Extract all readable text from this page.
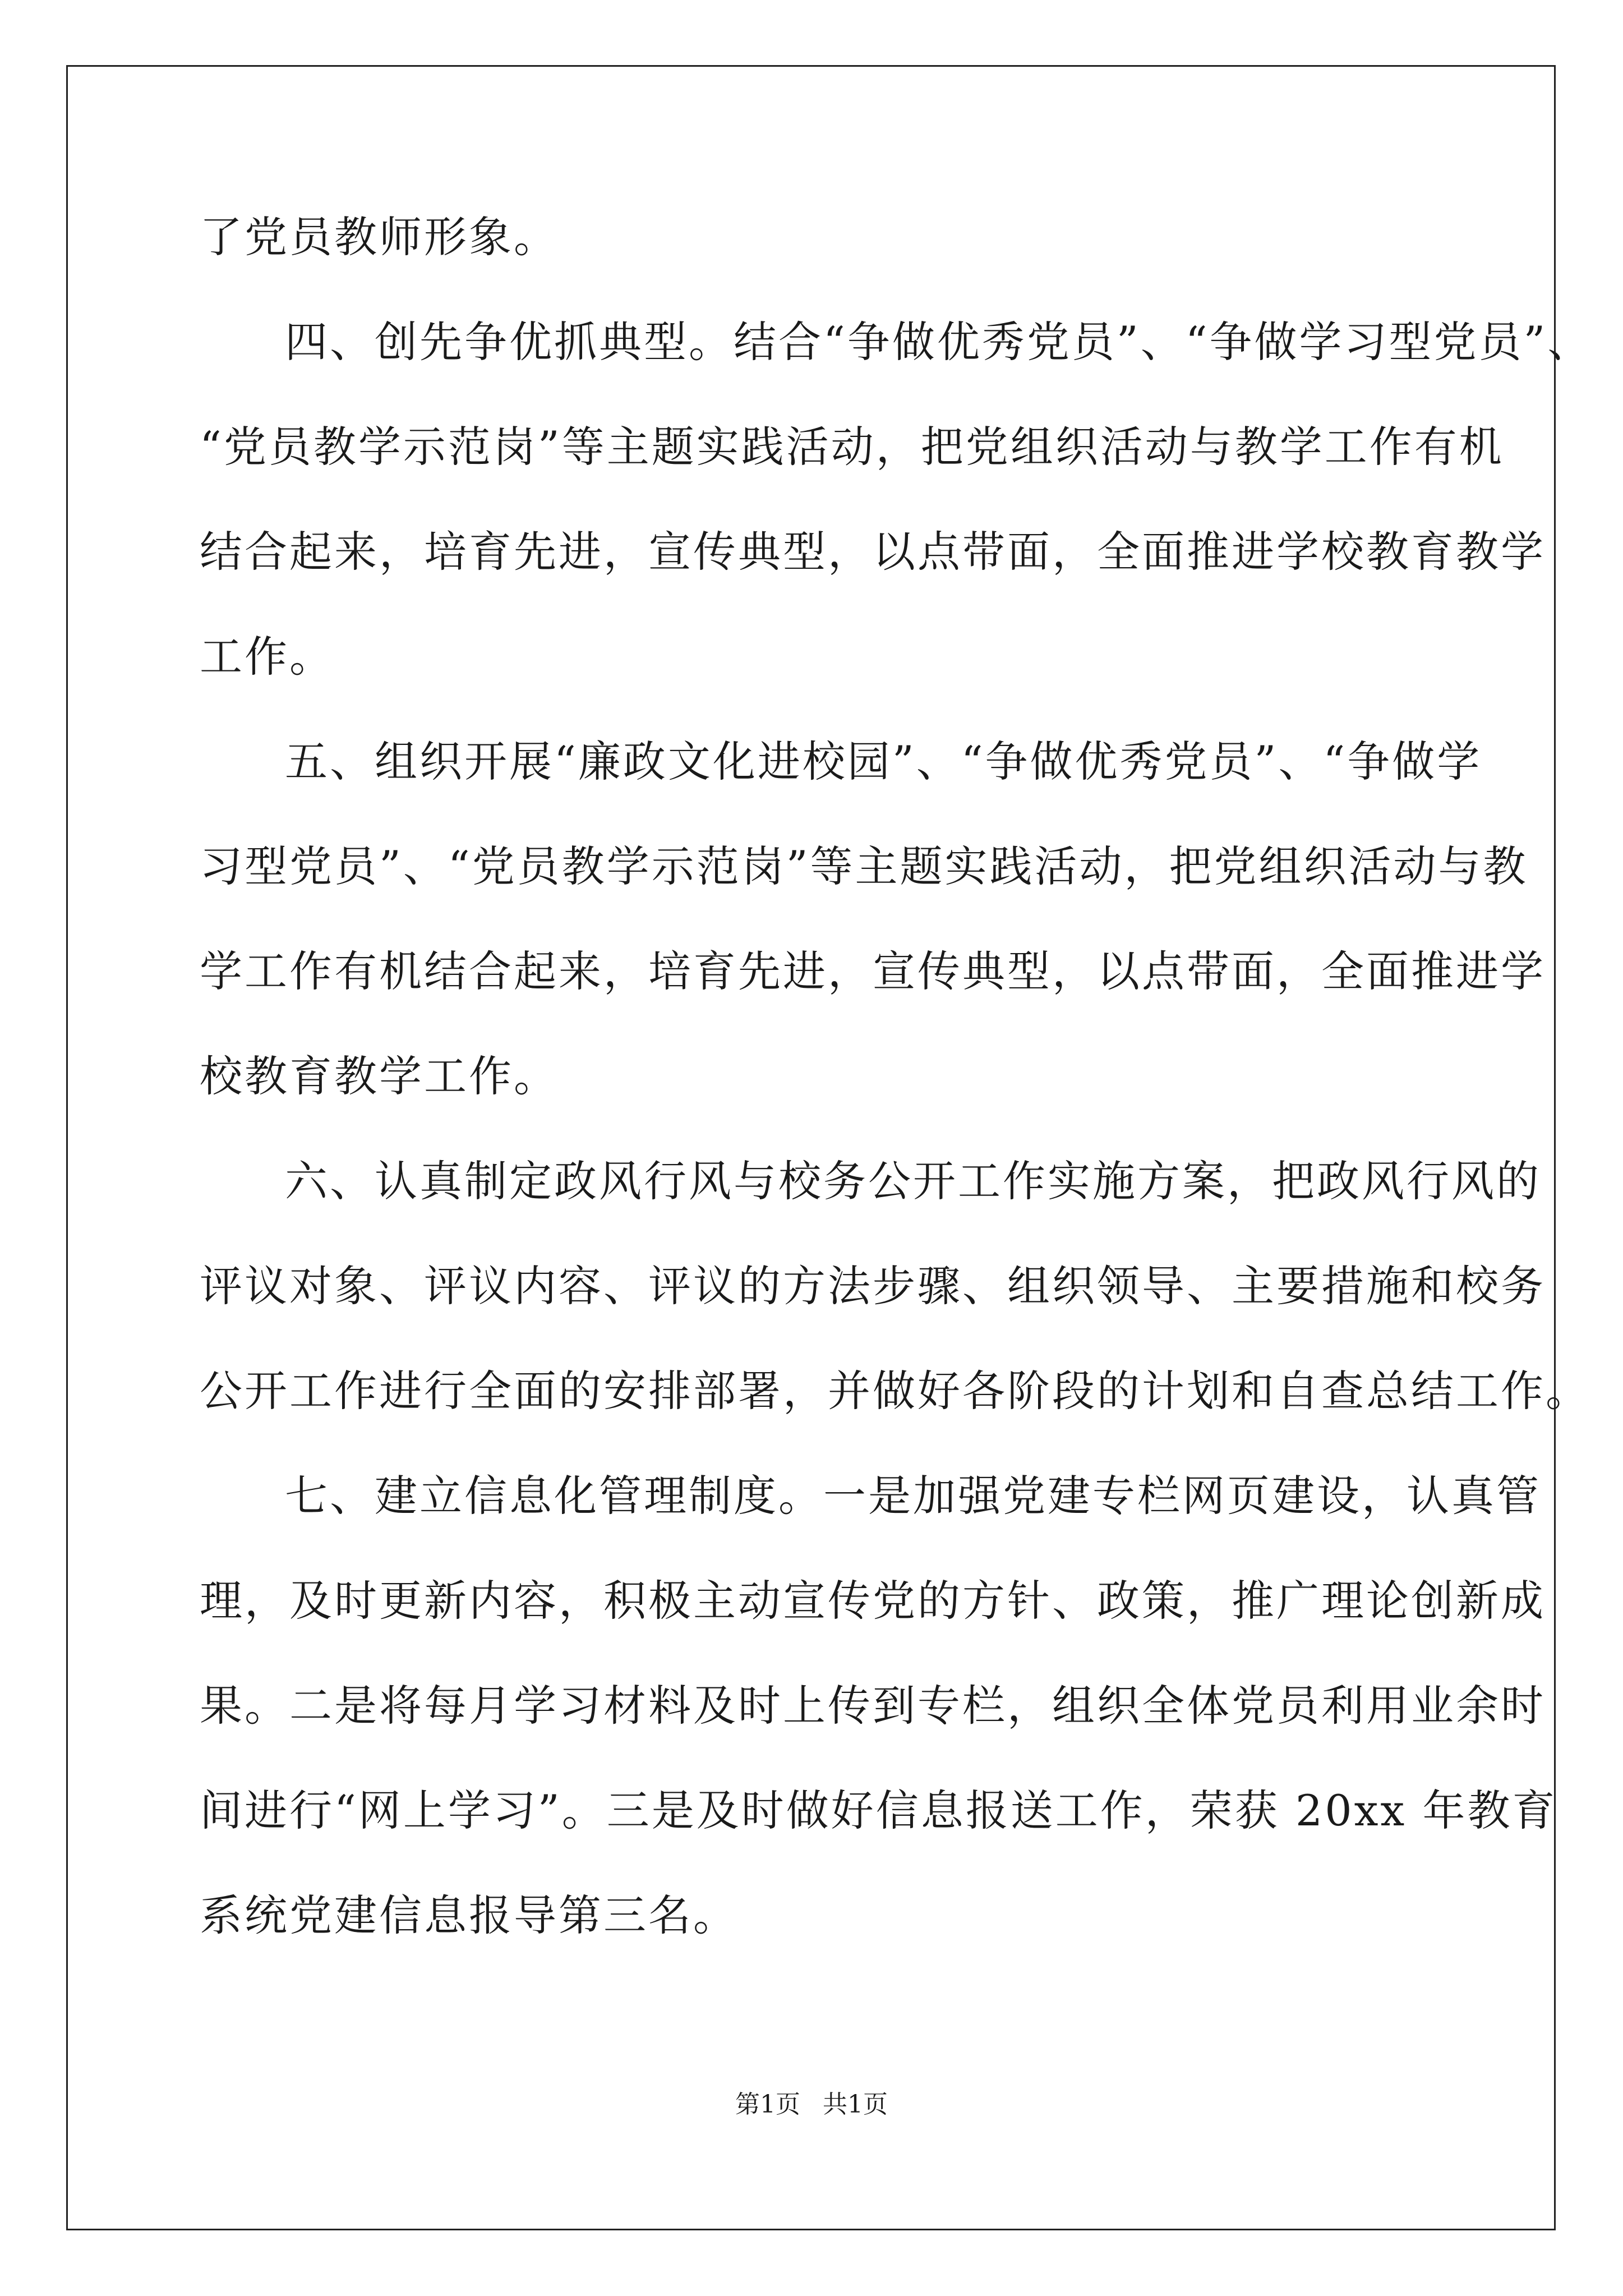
了党员教师形象。
四、创先争优抓典型。结合“争做优秀党员”、“争做学习型党员”、
“党员教学示范岗”等主题实践活动，把党组织活动与教学工作有机
结合起来，培育先进，宣传典型，以点带面，全面推进学校教育教学
工作。
五、组织开展“廉政文化进校园”、“争做优秀党员”、“争做学
习型党员”、“党员教学示范岗”等主题实践活动，把党组织活动与教
学工作有机结合起来，培育先进，宣传典型，以点带面，全面推进学
校教育教学工作。
六、认真制定政风行风与校务公开工作实施方案，把政风行风的
评议对象、评议内容、评议的方法步骤、组织领导、主要措施和校务
公开工作进行全面的安排部署，并做好各阶段的计划和自查总结工作。
七、建立信息化管理制度。一是加强党建专栏网页建设，认真管
理，及时更新内容，积极主动宣传党的方针、政策，推广理论创新成
果。二是将每月学习材料及时上传到专栏，组织全体党员利用业余时
间进行“网上学习”。三是及时做好信息报送工作，荣获 20xx 年教育
系统党建信息报导第三名。
第1页 共1页
